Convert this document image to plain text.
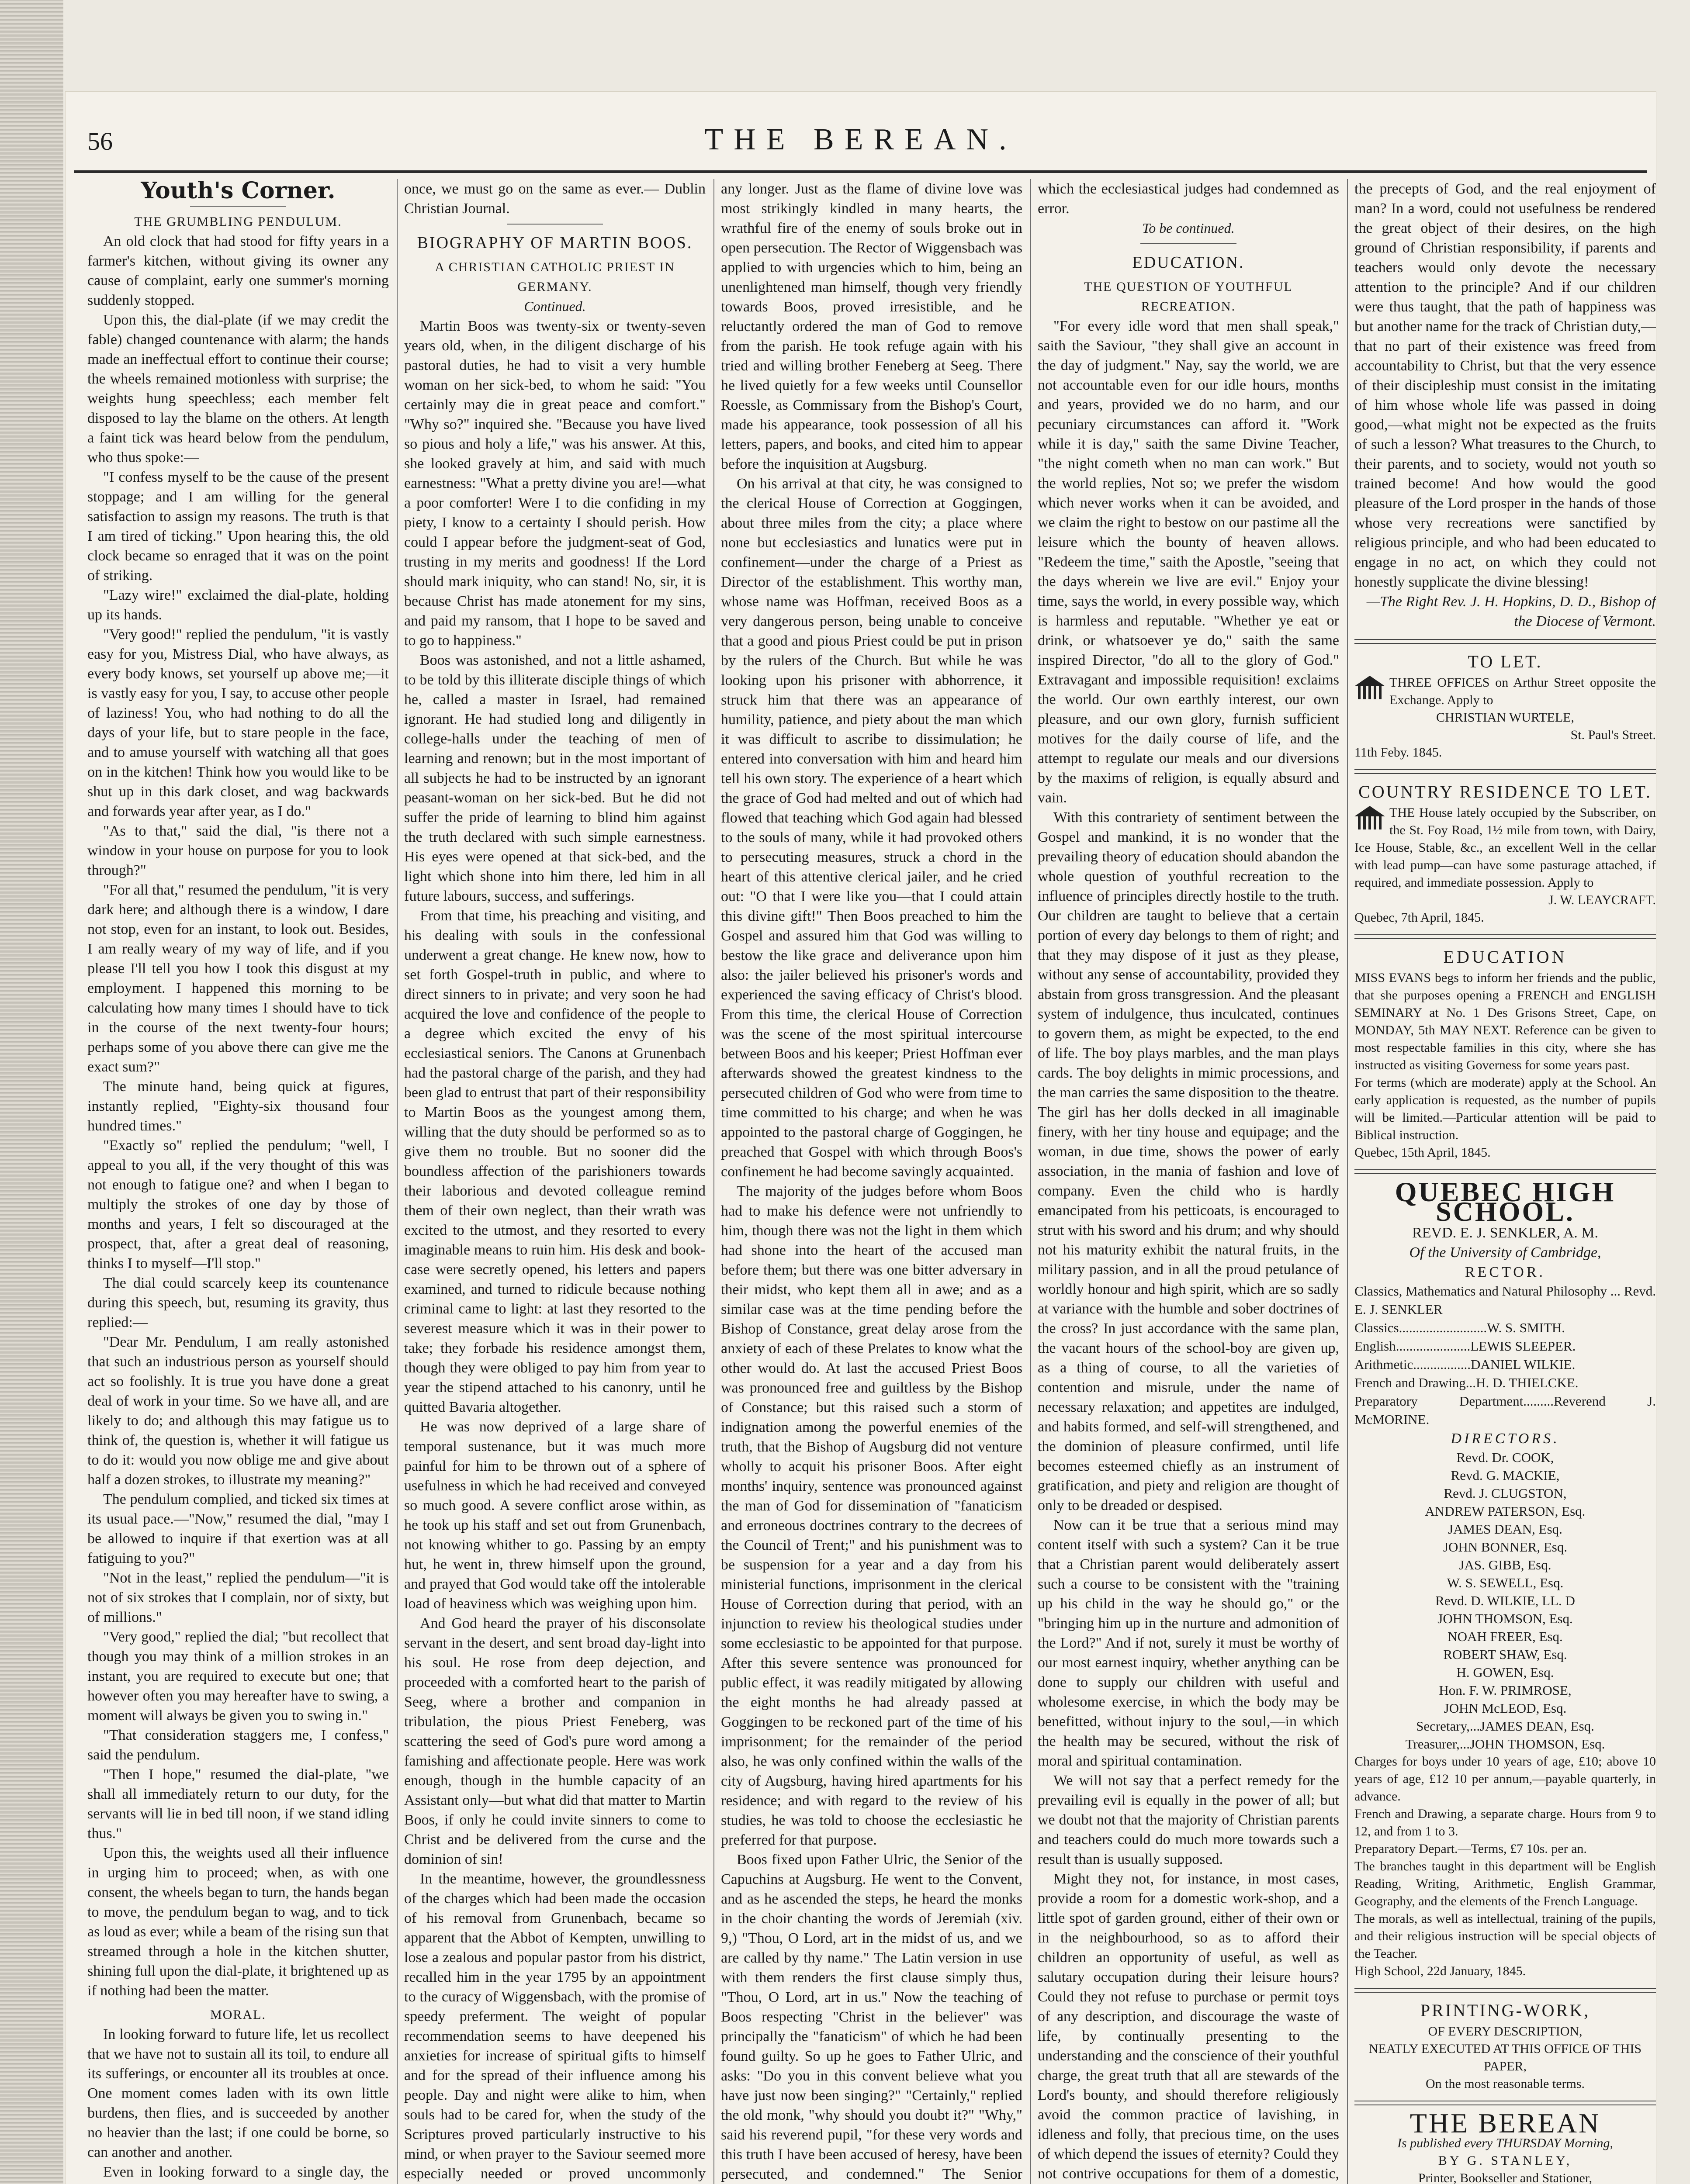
56	THE BEREAN.
Youth's Corner.
THE GRUMBLING PENDULUM.

An old clock that had stood for fifty years in a farmer's kitchen, without giving its owner any cause of complaint, early one summer's morning suddenly stopped.

Upon this, the dial-plate (if we may credit the fable) changed countenance with alarm; the hands made an ineffectual effort to continue their course; the wheels remained motionless with surprise; the weights hung speechless; each member felt disposed to lay the blame on the others. At length a faint tick was heard below from the pendulum, who thus spoke:—

"I confess myself to be the cause of the present stoppage; and I am willing for the general satisfaction to assign my reasons. The truth is that I am tired of ticking." Upon hearing this, the old clock became so enraged that it was on the point of striking.

"Lazy wire!" exclaimed the dial-plate, holding up its hands.

"Very good!" replied the pendulum, "it is vastly easy for you, Mistress Dial, who have always, as every body knows, set yourself up above me;—it is vastly easy for you, I say, to accuse other people of laziness! You, who had nothing to do all the days of your life, but to stare people in the face, and to amuse yourself with watching all that goes on in the kitchen! Think how you would like to be shut up in this dark closet, and wag backwards and forwards year after year, as I do."

"As to that," said the dial, "is there not a window in your house on purpose for you to look through?"

"For all that," resumed the pendulum, "it is very dark here; and although there is a window, I dare not stop, even for an instant, to look out. Besides, I am really weary of my way of life, and if you please I'll tell you how I took this disgust at my employment. I happened this morning to be calculating how many times I should have to tick in the course of the next twenty-four hours; perhaps some of you above there can give me the exact sum?"

The minute hand, being quick at figures, instantly replied, "Eighty-six thousand four hundred times."

"Exactly so" replied the pendulum; "well, I appeal to you all, if the very thought of this was not enough to fatigue one? and when I began to multiply the strokes of one day by those of months and years, I felt so discouraged at the prospect, that, after a great deal of reasoning, thinks I to myself—I'll stop."

The dial could scarcely keep its countenance during this speech, but, resuming its gravity, thus replied:—

"Dear Mr. Pendulum, I am really astonished that such an industrious person as yourself should act so foolishly. It is true you have done a great deal of work in your time. So we have all, and are likely to do; and although this may fatigue us to think of, the question is, whether it will fatigue us to do it: would you now oblige me and give about half a dozen strokes, to illustrate my meaning?"

The pendulum complied, and ticked six times at its usual pace.—"Now," resumed the dial, "may I be allowed to inquire if that exertion was at all fatiguing to you?"

"Not in the least," replied the pendulum—"it is not of six strokes that I complain, nor of sixty, but of millions."

"Very good," replied the dial; "but recollect that though you may think of a million strokes in an instant, you are required to execute but one; that however often you may hereafter have to swing, a moment will always be given you to swing in."

"That consideration staggers me, I confess," said the pendulum.

"Then I hope," resumed the dial-plate, "we shall all immediately return to our duty, for the servants will lie in bed till noon, if we stand idling thus."

Upon this, the weights used all their influence in urging him to proceed; when, as with one consent, the wheels began to turn, the hands began to move, the pendulum began to wag, and to tick as loud as ever; while a beam of the rising sun that streamed through a hole in the kitchen shutter, shining full upon the dial-plate, it brightened up as if nothing had been the matter.

MORAL.

In looking forward to future life, let us recollect that we have not to sustain all its toil, to endure all its sufferings, or encounter all its troubles at once. One moment comes laden with its own little burdens, then flies, and is succeeded by another no heavier than the last; if one could be borne, so can another and another.

Even in looking forward to a single day, the

once, we must go on the same as ever.— Dublin Christian Journal.

BIOGRAPHY OF MARTIN BOOS.
A CHRISTIAN CATHOLIC PRIEST IN GERMANY.
Continued.

Martin Boos was twenty-six or twenty-seven years old, when, in the diligent discharge of his pastoral duties, he had to visit a very humble woman on her sick-bed, to whom he said: "You certainly may die in great peace and comfort." "Why so?" inquired she. "Because you have lived so pious and holy a life," was his answer. At this, she looked gravely at him, and said with much earnestness: "What a pretty divine you are!—what a poor comforter! Were I to die confiding in my piety, I know to a certainty I should perish. How could I appear before the judgment-seat of God, trusting in my merits and goodness! If the Lord should mark iniquity, who can stand! No, sir, it is because Christ has made atonement for my sins, and paid my ransom, that I hope to be saved and to go to happiness."

Boos was astonished, and not a little ashamed, to be told by this illiterate disciple things of which he, called a master in Israel, had remained ignorant. He had studied long and diligently in college-halls under the teaching of men of learning and renown; but in the most important of all subjects he had to be instructed by an ignorant peasant-woman on her sick-bed. But he did not suffer the pride of learning to blind him against the truth declared with such simple earnestness. His eyes were opened at that sick-bed, and the light which shone into him there, led him in all future labours, success, and sufferings.

From that time, his preaching and visiting, and his dealing with souls in the confessional underwent a great change. He knew now, how to set forth Gospel-truth in public, and where to direct sinners to in private; and very soon he had acquired the love and confidence of the people to a degree which excited the envy of his ecclesiastical seniors. The Canons at Grunenbach had the pastoral charge of the parish, and they had been glad to entrust that part of their responsibility to Martin Boos as the youngest among them, willing that the duty should be performed so as to give them no trouble. But no sooner did the boundless affection of the parishioners towards their laborious and devoted colleague remind them of their own neglect, than their wrath was excited to the utmost, and they resorted to every imaginable means to ruin him. His desk and book-case were secretly opened, his letters and papers examined, and turned to ridicule because nothing criminal came to light: at last they resorted to the severest measure which it was in their power to take; they forbade his residence amongst them, though they were obliged to pay him from year to year the stipend attached to his canonry, until he quitted Bavaria altogether.

He was now deprived of a large share of temporal sustenance, but it was much more painful for him to be thrown out of a sphere of usefulness in which he had received and conveyed so much good. A severe conflict arose within, as he took up his staff and set out from Grunenbach, not knowing whither to go. Passing by an empty hut, he went in, threw himself upon the ground, and prayed that God would take off the intolerable load of heaviness which was weighing upon him.

And God heard the prayer of his disconsolate servant in the desert, and sent broad day-light into his soul. He rose from deep dejection, and proceeded with a comforted heart to the parish of Seeg, where a brother and companion in tribulation, the pious Priest Feneberg, was scattering the seed of God's pure word among a famishing and affectionate people. Here was work enough, though in the humble capacity of an Assistant only—but what did that matter to Martin Boos, if only he could invite sinners to come to Christ and be delivered from the curse and the dominion of sin!

In the meantime, however, the groundlessness of the charges which had been made the occasion of his removal from Grunenbach, became so apparent that the Abbot of Kempten, unwilling to lose a zealous and popular pastor from his district, recalled him in the year 1795 by an appointment to the curacy of Wiggensbach, with the promise of speedy preferment. The weight of popular recommendation seems to have deepened his anxieties for increase of spiritual gifts to himself and for the spread of their influence among his people. Day and night were alike to him, when souls had to be cared for, when the study of the Scriptures proved particularly instructive to his mind, or when prayer to the Saviour seemed more especially needed or proved uncommonly

any longer. Just as the flame of divine love was most strikingly kindled in many hearts, the wrathful fire of the enemy of souls broke out in open persecution. The Rector of Wiggensbach was applied to with urgencies which to him, being an unenlightened man himself, though very friendly towards Boos, proved irresistible, and he reluctantly ordered the man of God to remove from the parish. He took refuge again with his tried and willing brother Feneberg at Seeg. There he lived quietly for a few weeks until Counsellor Roessle, as Commissary from the Bishop's Court, made his appearance, took possession of all his letters, papers, and books, and cited him to appear before the inquisition at Augsburg.

On his arrival at that city, he was consigned to the clerical House of Correction at Goggingen, about three miles from the city; a place where none but ecclesiastics and lunatics were put in confinement—under the charge of a Priest as Director of the establishment. This worthy man, whose name was Hoffman, received Boos as a very dangerous person, being unable to conceive that a good and pious Priest could be put in prison by the rulers of the Church. But while he was looking upon his prisoner with abhorrence, it struck him that there was an appearance of humility, patience, and piety about the man which it was difficult to ascribe to dissimulation; he entered into conversation with him and heard him tell his own story. The experience of a heart which the grace of God had melted and out of which had flowed that teaching which God again had blessed to the souls of many, while it had provoked others to persecuting measures, struck a chord in the heart of this attentive clerical jailer, and he cried out: "O that I were like you—that I could attain this divine gift!" Then Boos preached to him the Gospel and assured him that God was willing to bestow the like grace and deliverance upon him also: the jailer believed his prisoner's words and experienced the saving efficacy of Christ's blood. From this time, the clerical House of Correction was the scene of the most spiritual intercourse between Boos and his keeper; Priest Hoffman ever afterwards showed the greatest kindness to the persecuted children of God who were from time to time committed to his charge; and when he was appointed to the pastoral charge of Goggingen, he preached that Gospel with which through Boos's confinement he had become savingly acquainted.

The majority of the judges before whom Boos had to make his defence were not unfriendly to him, though there was not the light in them which had shone into the heart of the accused man before them; but there was one bitter adversary in their midst, who kept them all in awe; and as a similar case was at the time pending before the Bishop of Constance, great delay arose from the anxiety of each of these Prelates to know what the other would do. At last the accused Priest Boos was pronounced free and guiltless by the Bishop of Constance; but this raised such a storm of indignation among the powerful enemies of the truth, that the Bishop of Augsburg did not venture wholly to acquit his prisoner Boos. After eight months' inquiry, sentence was pronounced against the man of God for dissemination of "fanaticism and erroneous doctrines contrary to the decrees of the Council of Trent;" and his punishment was to be suspension for a year and a day from his ministerial functions, imprisonment in the clerical House of Correction during that period, with an injunction to review his theological studies under some ecclesiastic to be appointed for that purpose. After this severe sentence was pronounced for public effect, it was readily mitigated by allowing the eight months he had already passed at Goggingen to be reckoned part of the time of his imprisonment; for the remainder of the period also, he was only confined within the walls of the city of Augsburg, having hired apartments for his residence; and with regard to the review of his studies, he was told to choose the ecclesiastic he preferred for that purpose.

Boos fixed upon Father Ulric, the Senior of the Capuchins at Augsburg. He went to the Convent, and as he ascended the steps, he heard the monks in the choir chanting the words of Jeremiah (xiv. 9,) "Thou, O Lord, art in the midst of us, and we are called by thy name." The Latin version in use with them renders the first clause simply thus, "Thou, O Lord, art in us." Now the teaching of Boos respecting "Christ in the believer" was principally the "fanaticism" of which he had been found guilty. So up he goes to Father Ulric, and asks: "Do you in this convent believe what you have just now been singing?" "Certainly," replied the old monk, "why should you doubt it?" "Why," said his reverend pupil, "for these very words and this truth I have been accused of heresy, have been persecuted, and condemned." The Senior

which the ecclesiastical judges had condemned as error.

To be continued.
EDUCATION.
THE QUESTION OF YOUTHFUL RECREATION.

"For every idle word that men shall speak," saith the Saviour, "they shall give an account in the day of judgment." Nay, say the world, we are not accountable even for our idle hours, months and years, provided we do no harm, and our pecuniary circumstances can afford it. "Work while it is day," saith the same Divine Teacher, "the night cometh when no man can work." But the world replies, Not so; we prefer the wisdom which never works when it can be avoided, and we claim the right to bestow on our pastime all the leisure which the bounty of heaven allows. "Redeem the time," saith the Apostle, "seeing that the days wherein we live are evil." Enjoy your time, says the world, in every possible way, which is harmless and reputable. "Whether ye eat or drink, or whatsoever ye do," saith the same inspired Director, "do all to the glory of God." Extravagant and impossible requisition! exclaims the world. Our own earthly interest, our own pleasure, and our own glory, furnish sufficient motives for the daily course of life, and the attempt to regulate our meals and our diversions by the maxims of religion, is equally absurd and vain.

With this contrariety of sentiment between the Gospel and mankind, it is no wonder that the prevailing theory of education should abandon the whole question of youthful recreation to the influence of principles directly hostile to the truth. Our children are taught to believe that a certain portion of every day belongs to them of right; and that they may dispose of it just as they please, without any sense of accountability, provided they abstain from gross transgression. And the pleasant system of indulgence, thus inculcated, continues to govern them, as might be expected, to the end of life. The boy plays marbles, and the man plays cards. The boy delights in mimic processions, and the man carries the same disposition to the theatre. The girl has her dolls decked in all imaginable finery, with her tiny house and equipage; and the woman, in due time, shows the power of early association, in the mania of fashion and love of company. Even the child who is hardly emancipated from his petticoats, is encouraged to strut with his sword and his drum; and why should not his maturity exhibit the natural fruits, in the military passion, and in all the proud petulance of worldly honour and high spirit, which are so sadly at variance with the humble and sober doctrines of the cross? In just accordance with the same plan, the vacant hours of the school-boy are given up, as a thing of course, to all the varieties of contention and misrule, under the name of necessary relaxation; and appetites are indulged, and habits formed, and self-will strengthened, and the dominion of pleasure confirmed, until life becomes esteemed chiefly as an instrument of gratification, and piety and religion are thought of only to be dreaded or despised.

Now can it be true that a serious mind may content itself with such a system? Can it be true that a Christian parent would deliberately assert such a course to be consistent with the "training up his child in the way he should go," or the "bringing him up in the nurture and admonition of the Lord?" And if not, surely it must be worthy of our most earnest inquiry, whether anything can be done to supply our children with useful and wholesome exercise, in which the body may be benefitted, without injury to the soul,—in which the health may be secured, without the risk of moral and spiritual contamination.

We will not say that a perfect remedy for the prevailing evil is equally in the power of all; but we doubt not that the majority of Christian parents and teachers could do much more towards such a result than is usually supposed.

Might they not, for instance, in most cases, provide a room for a domestic work-shop, and a little spot of garden ground, either of their own or in the neighbourhood, so as to afford their children an opportunity of useful, as well as salutary occupation during their leisure hours? Could they not refuse to purchase or permit toys of any description, and discourage the waste of life, by continually presenting to the understanding and the conscience of their youthful charge, the great truth that all are stewards of the Lord's bounty, and should therefore religiously avoid the common practice of lavishing, in idleness and folly, that precious time, on the uses of which depend the issues of eternity? Could they not contrive occupations for them of a domestic,

the precepts of God, and the real enjoyment of man? In a word, could not usefulness be rendered the great object of their desires, on the high ground of Christian responsibility, if parents and teachers would only devote the necessary attention to the principle? And if our children were thus taught, that the path of happiness was but another name for the track of Christian duty,—that no part of their existence was freed from accountability to Christ, but that the very essence of their discipleship must consist in the imitating of him whose whole life was passed in doing good,—what might not be expected as the fruits of such a lesson? What treasures to the Church, to their parents, and to society, would not youth so trained become! And how would the good pleasure of the Lord prosper in the hands of those whose very recreations were sanctified by religious principle, and who had been educated to engage in no act, on which they could not honestly supplicate the divine blessing!

—The Right Rev. J. H. Hopkins, D. D., Bishop of the Diocese of Vermont.
TO LET.
THREE OFFICES on Arthur Street opposite the Exchange. Apply to
CHRISTIAN WURTELE,
St. Paul's Street.
11th Feby. 1845.
COUNTRY RESIDENCE TO LET.
THE House lately occupied by the Subscriber, on the St. Foy Road, 1½ mile from town, with Dairy, Ice House, Stable, &c., an excellent Well in the cellar with lead pump—can have some pasturage attached, if required, and immediate possession. Apply to
J. W. LEAYCRAFT.
Quebec, 7th April, 1845.
EDUCATION
MISS EVANS begs to inform her friends and the public, that she purposes opening a FRENCH and ENGLISH SEMINARY at No. 1 Des Grisons Street, Cape, on MONDAY, 5th MAY NEXT. Reference can be given to most respectable families in this city, where she has instructed as visiting Governess for some years past.
For terms (which are moderate) apply at the School. An early application is requested, as the number of pupils will be limited.—Particular attention will be paid to Biblical instruction.
Quebec, 15th April, 1845.
QUEBEC HIGH SCHOOL.
REVD. E. J. SENKLER, A. M.
Of the University of Cambridge,
RECTOR.
Classics, Mathematics and Natural Philosophy ... Revd. E. J. SENKLER
Classics..........................W. S. SMITH.
English......................LEWIS SLEEPER.
Arithmetic.................DANIEL WILKIE.
French and Drawing...H. D. THIELCKE.
Preparatory Department.........Reverend J. McMORINE.
DIRECTORS.
Revd. Dr. COOK,
Revd. G. MACKIE,
Revd. J. CLUGSTON,
ANDREW PATERSON, Esq.
JAMES DEAN, Esq.
JOHN BONNER, Esq.
JAS. GIBB, Esq.
W. S. SEWELL, Esq.
Revd. D. WILKIE, LL. D
JOHN THOMSON, Esq.
NOAH FREER, Esq.
ROBERT SHAW, Esq.
H. GOWEN, Esq.
Hon. F. W. PRIMROSE,
JOHN McLEOD, Esq.
Secretary,...JAMES DEAN, Esq.
Treasurer,...JOHN THOMSON, Esq.
Charges for boys under 10 years of age, £10; above 10 years of age, £12 10 per annum,—payable quarterly, in advance.
French and Drawing, a separate charge. Hours from 9 to 12, and from 1 to 3.
Preparatory Depart.—Terms, £7 10s. per an.
The branches taught in this department will be English Reading, Writing, Arithmetic, English Grammar, Geography, and the elements of the French Language.
The morals, as well as intellectual, training of the pupils, and their religious instruction will be special objects of the Teacher.
High School, 22d January, 1845.
PRINTING-WORK,
OF EVERY DESCRIPTION,
NEATLY EXECUTED AT THIS OFFICE OF THIS PAPER,
On the most reasonable terms.
THE BEREAN
Is published every THURSDAY Morning,
BY G. STANLEY,
Printer, Bookseller and Stationer,
